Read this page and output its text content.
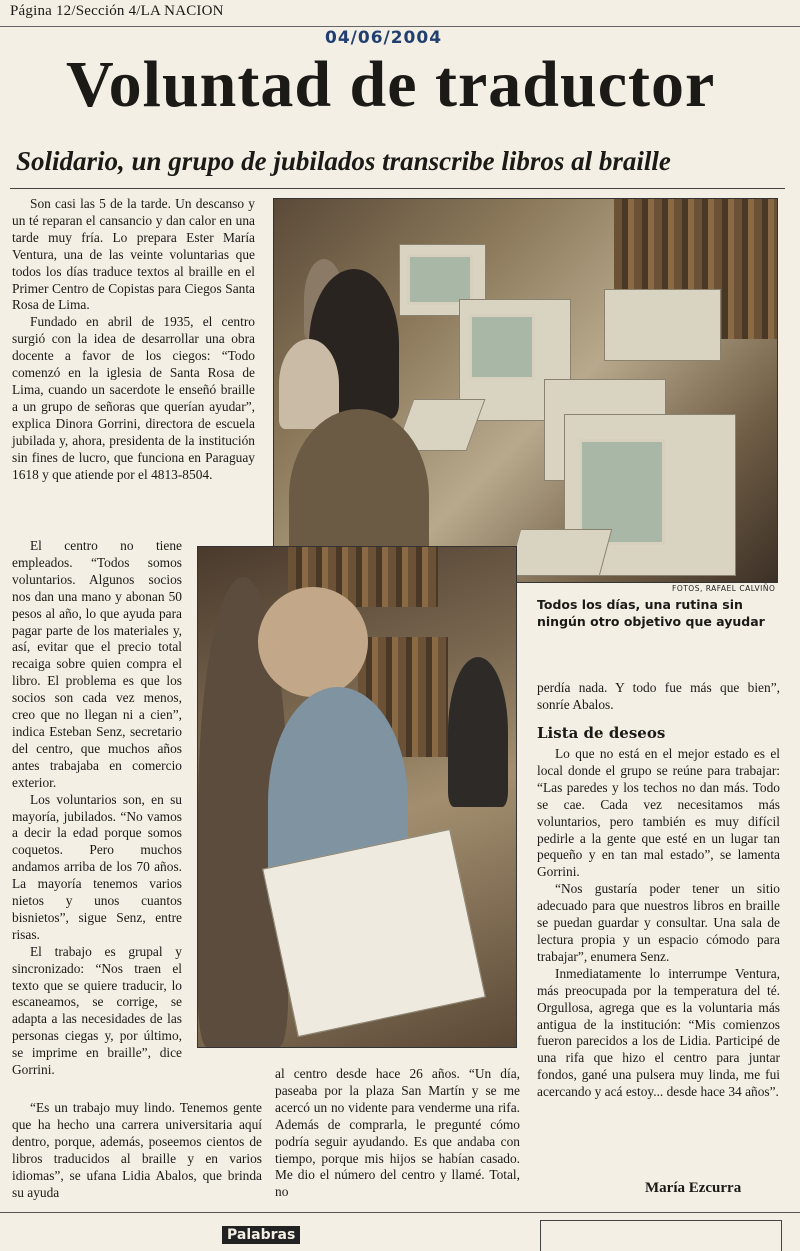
Página 12/Sección 4/LA NACION
04/06/2004
Voluntad de traductor
Solidario, un grupo de jubilados transcribe libros al braille

Son casi las 5 de la tarde. Un descanso y un té reparan el cansancio y dan calor en una tarde muy fría. Lo prepara Ester María Ventura, una de las veinte voluntarias que todos los días traduce textos al braille en el Primer Centro de Copistas para Ciegos Santa Rosa de Lima.

Fundado en abril de 1935, el centro surgió con la idea de desarrollar una obra docente a favor de los ciegos: “Todo comenzó en la iglesia de Santa Rosa de Lima, cuando un sacerdote le enseñó braille a un grupo de señoras que querían ayudar”, explica Dinora Gorrini, directora de escuela jubilada y, ahora, presidenta de la institución sin fines de lucro, que funciona en Paraguay 1618 y que atiende por el 4813-8504.

El centro no tiene empleados. “Todos somos voluntarios. Algunos socios nos dan una mano y abonan 50 pesos al año, lo que ayuda para pagar parte de los materiales y, así, evitar que el precio total recaiga sobre quien compra el libro. El problema es que los socios son cada vez menos, creo que no llegan ni a cien”, indica Esteban Senz, secretario del centro, que muchos años antes trabajaba en comercio exterior.

Los voluntarios son, en su mayoría, jubilados. “No vamos a decir la edad porque somos coquetos. Pero muchos andamos arriba de los 70 años. La mayoría tenemos varios nietos y unos cuantos bisnietos”, sigue Senz, entre risas.

El trabajo es grupal y sincronizado: “Nos traen el texto que se quiere traducir, lo escaneamos, se corrige, se adapta a las necesidades de las personas ciegas y, por último, se imprime en braille”, dice Gorrini.

“Es un trabajo muy lindo. Tenemos gente que ha hecho una carrera universitaria aquí dentro, porque, además, poseemos cientos de libros traducidos al braille y en varios idiomas”, se ufana Lidia Abalos, que brinda su ayuda

al centro desde hace 26 años. “Un día, paseaba por la plaza San Martín y se me acercó un no vidente para venderme una rifa. Además de comprarla, le pregunté cómo podría seguir ayudando. Es que andaba con tiempo, porque mis hijos se habían casado. Me dio el número del centro y llamé. Total, no

FOTOS, RAFAEL CALVIÑO
Todos los días, una rutina sin ningún otro objetivo que ayudar

perdía nada. Y todo fue más que bien”, sonríe Abalos.

Lista de deseos

Lo que no está en el mejor estado es el local donde el grupo se reúne para trabajar: “Las paredes y los techos no dan más. Todo se cae. Cada vez necesitamos más voluntarios, pero también es muy difícil pedirle a la gente que esté en un lugar tan pequeño y en tan mal estado”, se lamenta Gorrini.

“Nos gustaría poder tener un sitio adecuado para que nuestros libros en braille se puedan guardar y consultar. Una sala de lectura propia y un espacio cómodo para trabajar”, enumera Senz.

Inmediatamente lo interrumpe Ventura, más preocupada por la temperatura del té. Orgullosa, agrega que es la voluntaria más antigua de la institución: “Mis comienzos fueron parecidos a los de Lidia. Participé de una rifa que hizo el centro para juntar fondos, gané una pulsera muy linda, me fui acercando y acá estoy... desde hace 34 años”.

María Ezcurra
Palabras
